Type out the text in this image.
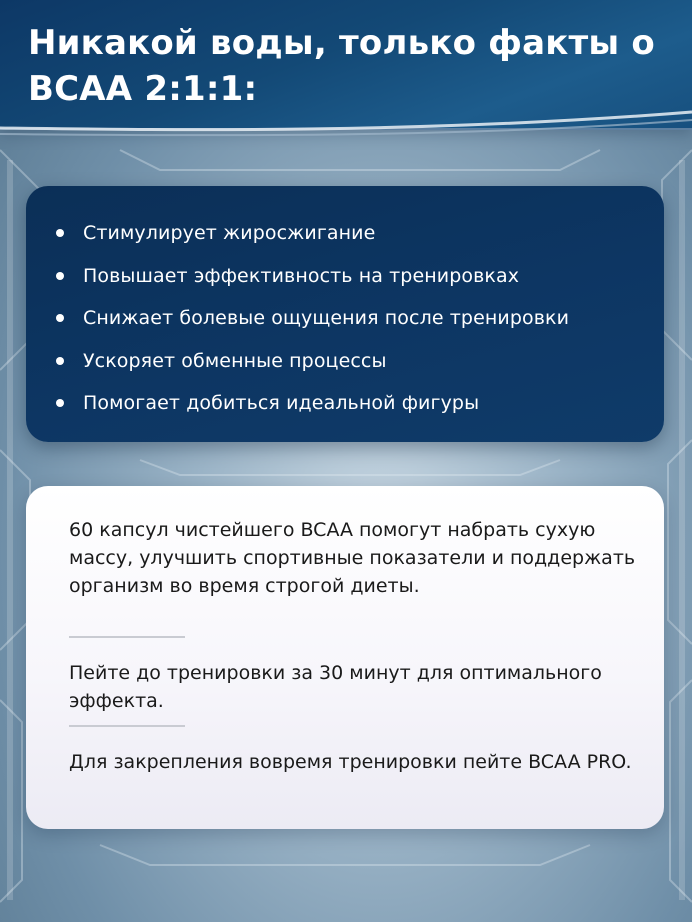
Никакой воды, только факты о BCAA 2:1:1:
Стимулирует жиросжигание
Повышает эффективность на тренировках
Снижает болевые ощущения после тренировки
Ускоряет обменные процессы
Помогает добиться идеальной фигуры

60 капсул чистейшего BCAA помогут набрать сухую массу, улучшить спортивные показатели и поддержать организм во время строгой диеты.

Пейте до тренировки за 30 минут для оптимального эффекта.

Для закрепления вовремя тренировки пейте BCAA PRO.
